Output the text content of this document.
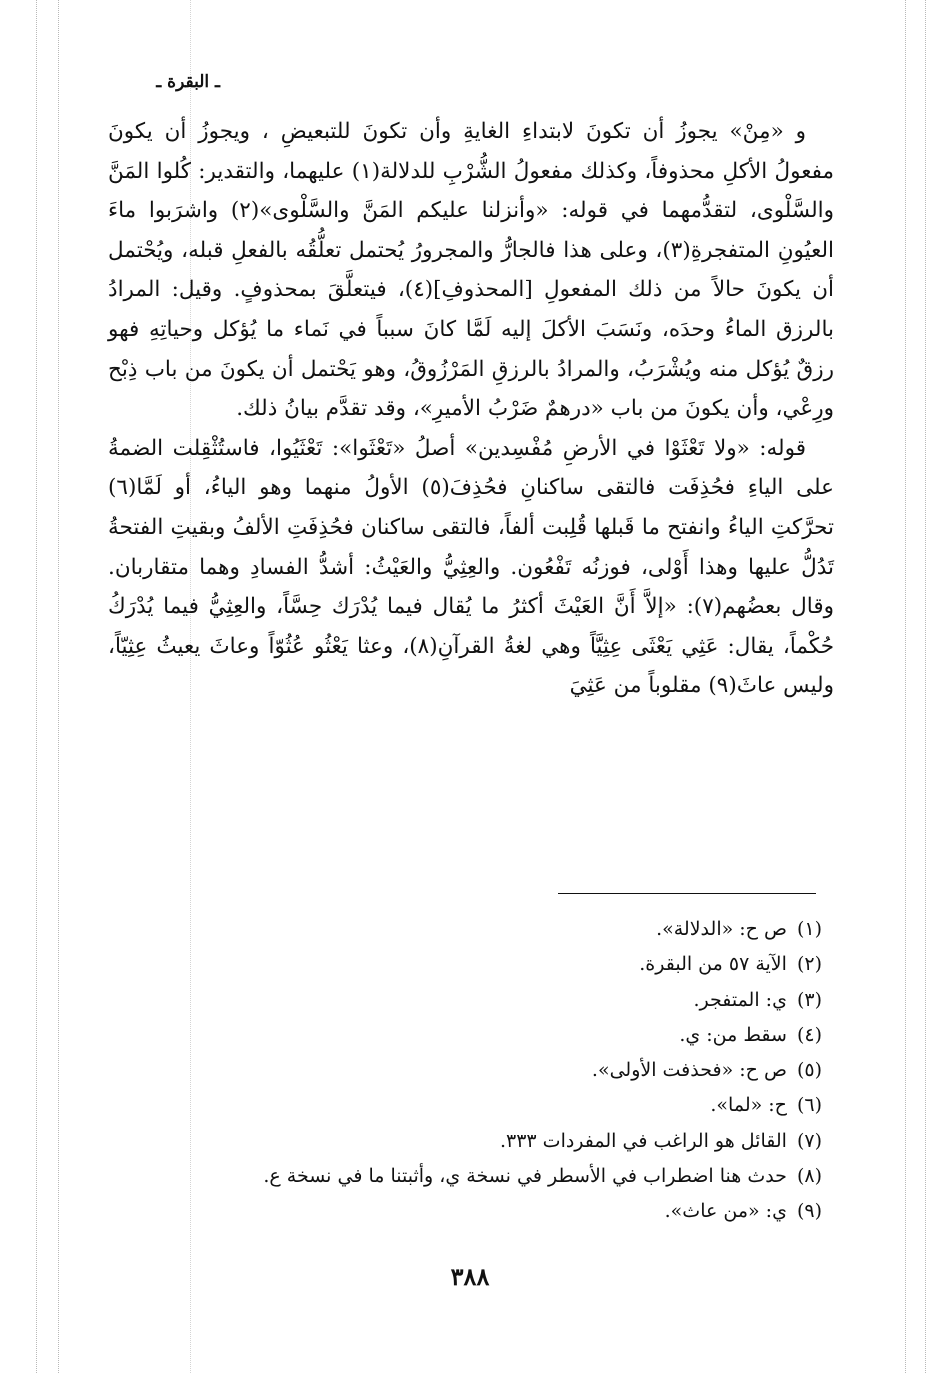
ـ البقرة ـ

و «مِنْ» يجوزُ أن تكونَ لابتداءِ الغايةِ وأن تكونَ للتبعيضِ ، ويجوزُ أن يكونَ مفعولُ الأكلِ محذوفاً، وكذلك مفعولُ الشُّرْبِ للدلالة(١) عليهما، والتقدير: كُلوا المَنَّ والسَّلْوى، لتقدُّمهما في قوله: «وأنزلنا عليكم المَنَّ والسَّلْوى»(٢) واشرَبوا ماءَ العيُونِ المتفجرةِ(٣)، وعلى هذا فالجارُّ والمجرورُ يُحتمل تعلُّقُه بالفعلِ قبله، ويُحْتمل أن يكونَ حالاً من ذلك المفعولِ [المحذوفِ](٤)، فيتعلَّقَ بمحذوفٍ. وقيل: المرادُ بالرزق الماءُ وحدَه، ونَسَبَ الأكلَ إليه لَمَّا كانَ سبباً في نَماء ما يُؤكل وحياتِهِ فهو رزقٌ يُؤكل منه ويُشْرَبُ، والمرادُ بالرزقِ المَرْزُوقُ، وهو يَحْتمل أن يكونَ من باب ذِبْح ورِعْي، وأن يكونَ من باب «درهمٌ ضَرْبُ الأميرِ»، وقد تقدَّم بيانُ ذلك.

قوله: «ولا تَعْثَوْا في الأرضِ مُفْسِدين» أصلُ «تَعْثَوا»: تَعْثَيُوا، فاستُثْقِلت الضمةُ على الياءِ فحُذِفَت فالتقى ساكنانِ فحُذِفَ(٥) الأولُ منهما وهو الياءُ، أو لَمَّا(٦) تحرَّكتِ الياءُ وانفتح ما قَبلها قُلِبت ألفاً، فالتقى ساكنان فحُذِفَتِ الألفُ وبقيتِ الفتحةُ تَدُلُّ عليها وهذا أَوْلى، فوزنُه تَفْعُون. والعِثِيُّ والعَيْثُ: أشدُّ الفسادِ وهما متقاربان. وقال بعضُهم(٧): «إلاَّ أَنَّ العَيْثَ أكثرُ ما يُقال فيما يُدْرَك حِسَّاً، والعِثِيُّ فيما يُدْرَكُ حُكْماً، يقال: عَثِي يَعْثَى عِثِيَّاً وهي لغةُ القرآنِ(٨)، وعثا يَعْثُو عُثُوّاً وعاثَ يعيثُ عِثِيّاً، وليس عاثَ(٩) مقلوباً من عَثِيَ

(١)ص ح: «الدلالة».
(٢)الآية ٥٧ من البقرة.
(٣)ي: المتفجر.
(٤)سقط من: ي.
(٥)ص ح: «فحذفت الأولى».
(٦)ح: «لما».
(٧)القائل هو الراغب في المفردات ٣٣٣.
(٨)حدث هنا اضطراب في الأسطر في نسخة ي، وأثبتنا ما في نسخة ع.
(٩)ي: «من عاث».
٣٨٨
